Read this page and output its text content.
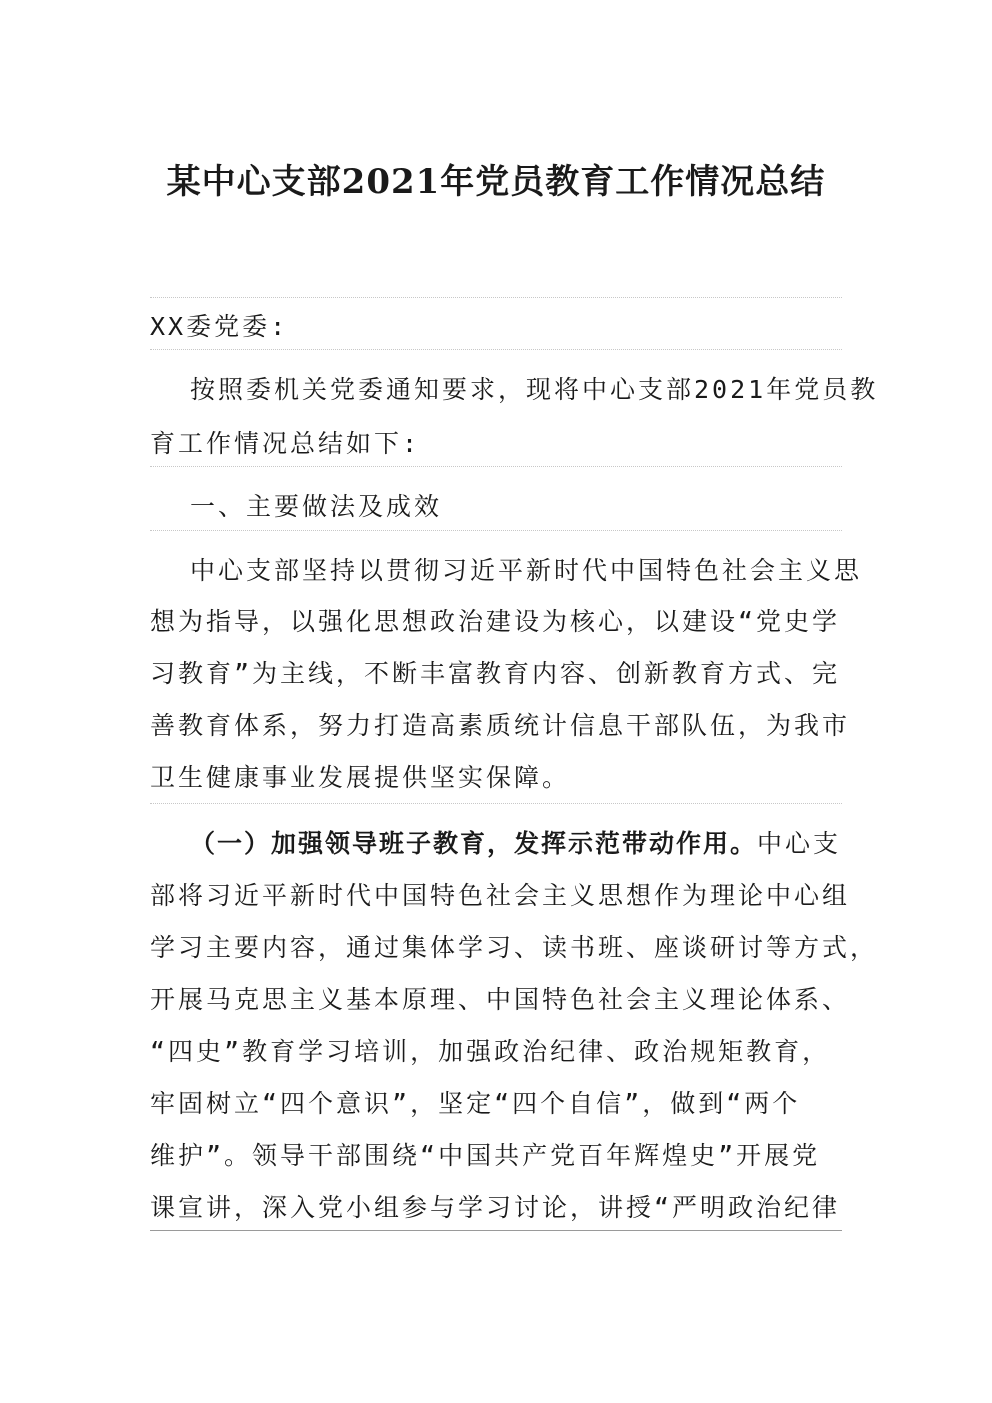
某中心支部2021年党员教育工作情况总结

XX委党委:

按照委机关党委通知要求，现将中心支部2021年党员教

育工作情况总结如下:

一、主要做法及成效

中心支部坚持以贯彻习近平新时代中国特色社会主义思

想为指导，以强化思想政治建设为核心，以建设“党史学

习教育”为主线，不断丰富教育内容、创新教育方式、完

善教育体系，努力打造高素质统计信息干部队伍，为我市

卫生健康事业发展提供坚实保障。

（一）加强领导班子教育，发挥示范带动作用。中心支

部将习近平新时代中国特色社会主义思想作为理论中心组

学习主要内容，通过集体学习、读书班、座谈研讨等方式，

开展马克思主义基本原理、中国特色社会主义理论体系、

“四史”教育学习培训，加强政治纪律、政治规矩教育，

牢固树立“四个意识”，坚定“四个自信”，做到“两个

维护”。领导干部围绕“中国共产党百年辉煌史”开展党

课宣讲，深入党小组参与学习讨论，讲授“严明政治纪律
